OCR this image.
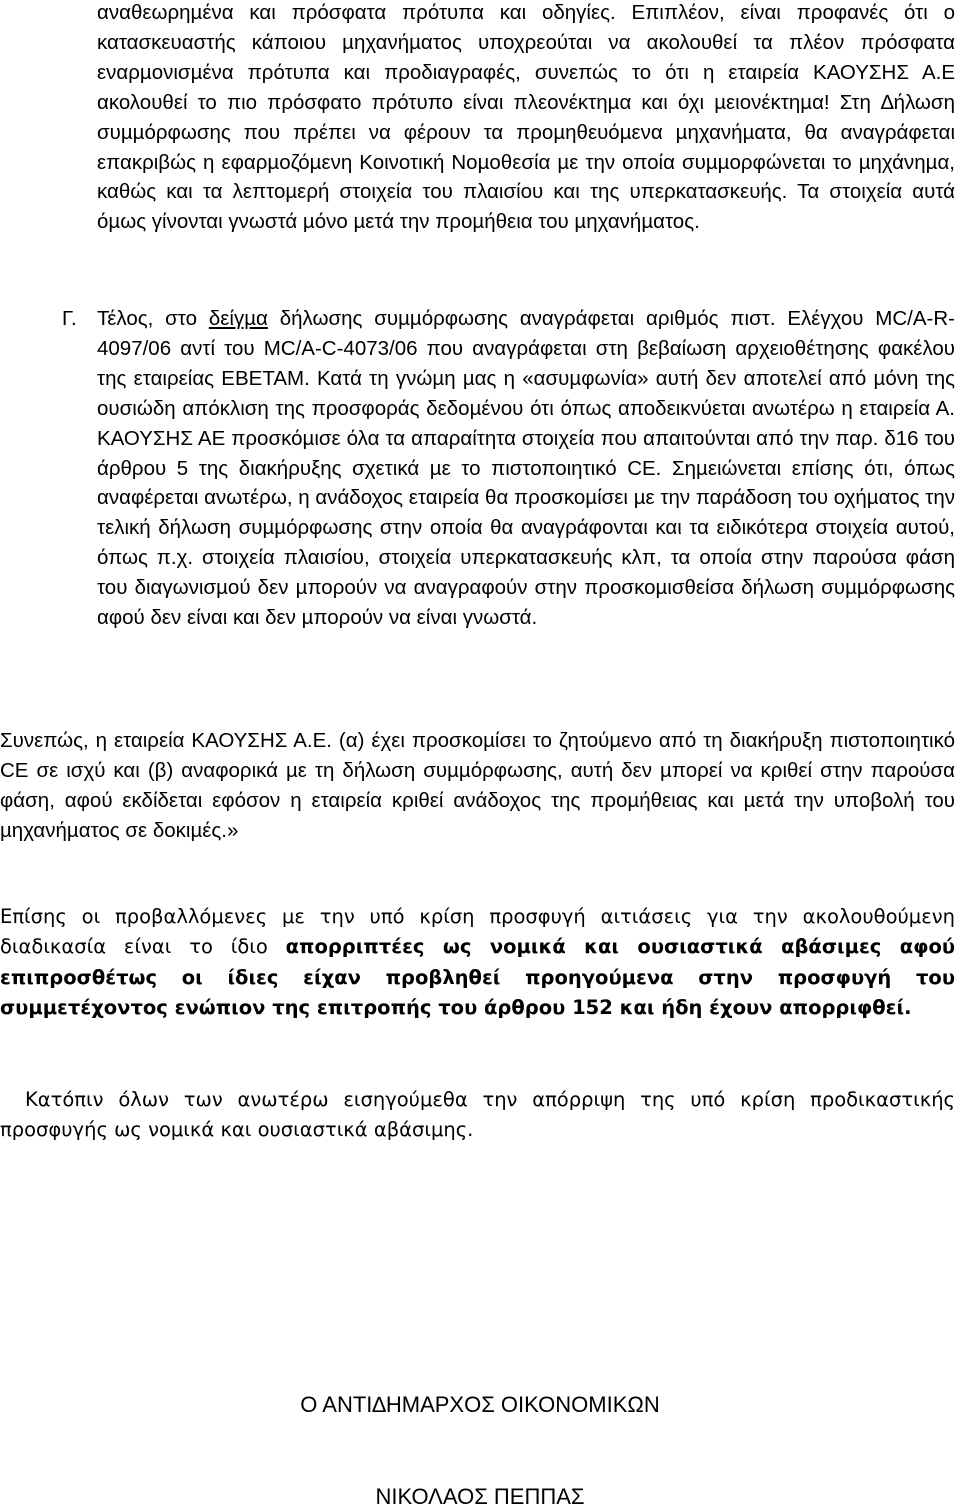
αναθεωρηµένα και πρόσφατα πρότυπα και οδηγίες. Επιπλέον, είναι προφανές ότι ο κατασκευαστής κάποιου µηχανήµατος υποχρεούται να ακολουθεί τα πλέον πρόσφατα εναρµονισµένα πρότυπα και προδιαγραφές, συνεπώς το ότι η εταιρεία ΚΑΟΥΣΗΣ Α.Ε ακολουθεί το πιο πρόσφατο πρότυπο είναι πλεονέκτηµα και όχι µειονέκτηµα! Στη ∆ήλωση συµµόρφωσης που πρέπει να φέρουν τα προµηθευόµενα µηχανήµατα, θα αναγράφεται επακριβώς η εφαρµοζόµενη Κοινοτική Νοµοθεσία µε την οποία συµµορφώνεται το µηχάνηµα, καθώς και τα λεπτοµερή στοιχεία του πλαισίου και της υπερκατασκευής. Τα στοιχεία αυτά όµως γίνονται γνωστά µόνο µετά την προµήθεια του µηχανήµατος.

Γ. Τέλος, στο δείγµα δήλωσης συµµόρφωσης αναγράφεται αριθµός πιστ. Ελέγχου MC/A-R-4097/06 αντί του MC/A-C-4073/06 που αναγράφεται στη βεβαίωση αρχειοθέτησης φακέλου της εταιρείας ΕΒΕΤΑΜ. Κατά τη γνώµη µας η «ασυµφωνία» αυτή δεν αποτελεί από µόνη της ουσιώδη απόκλιση της προσφοράς δεδοµένου ότι όπως αποδεικνύεται ανωτέρω η εταιρεία Α. ΚΑΟΥΣΗΣ ΑΕ προσκόµισε όλα τα απαραίτητα στοιχεία που απαιτούνται από την παρ. δ16 του άρθρου 5 της διακήρυξης σχετικά µε το πιστοποιητικό CE. Σηµειώνεται επίσης ότι, όπως αναφέρεται ανωτέρω, η ανάδοχος εταιρεία θα προσκοµίσει µε την παράδοση του οχήµατος την τελική δήλωση συµµόρφωσης στην οποία θα αναγράφονται και τα ειδικότερα στοιχεία αυτού, όπως π.χ. στοιχεία πλαισίου, στοιχεία υπερκατασκευής κλπ, τα οποία στην παρούσα φάση του διαγωνισµού δεν µπορούν να αναγραφούν στην προσκοµισθείσα δήλωση συµµόρφωσης αφού δεν είναι και δεν µπορούν να είναι γνωστά.

Συνεπώς, η εταιρεία ΚΑΟΥΣΗΣ Α.Ε. (α) έχει προσκοµίσει το ζητούµενο από τη διακήρυξη πιστοποιητικό CE σε ισχύ και (β) αναφορικά µε τη δήλωση συµµόρφωσης, αυτή δεν µπορεί να κριθεί στην παρούσα φάση, αφού εκδίδεται εφόσον η εταιρεία κριθεί ανάδοχος της προµήθειας και µετά την υποβολή του µηχανήµατος σε δοκιµές.»

Επίσης οι προβαλλόμενες με την υπό κρίση προσφυγή αιτιάσεις για την ακολουθούμενη διαδικασία είναι το ίδιο απορριπτέες ως νομικά και ουσιαστικά αβάσιμες αφού επιπροσθέτως οι ίδιες είχαν προβληθεί προηγούμενα στην προσφυγή του συμμετέχοντος ενώπιον της επιτροπής του άρθρου 152 και ήδη έχουν απορριφθεί.

Κατόπιν όλων των ανωτέρω εισηγούμεθα την απόρριψη της υπό κρίση προδικαστικής προσφυγής ως νομικά και ουσιαστικά αβάσιμης.

Ο ΑΝΤΙ∆ΗΜΑΡΧΟΣ ΟΙΚΟΝΟΜΙΚΩΝ

ΝΙΚΟΛΑΟΣ ΠΕΠΠΑΣ
